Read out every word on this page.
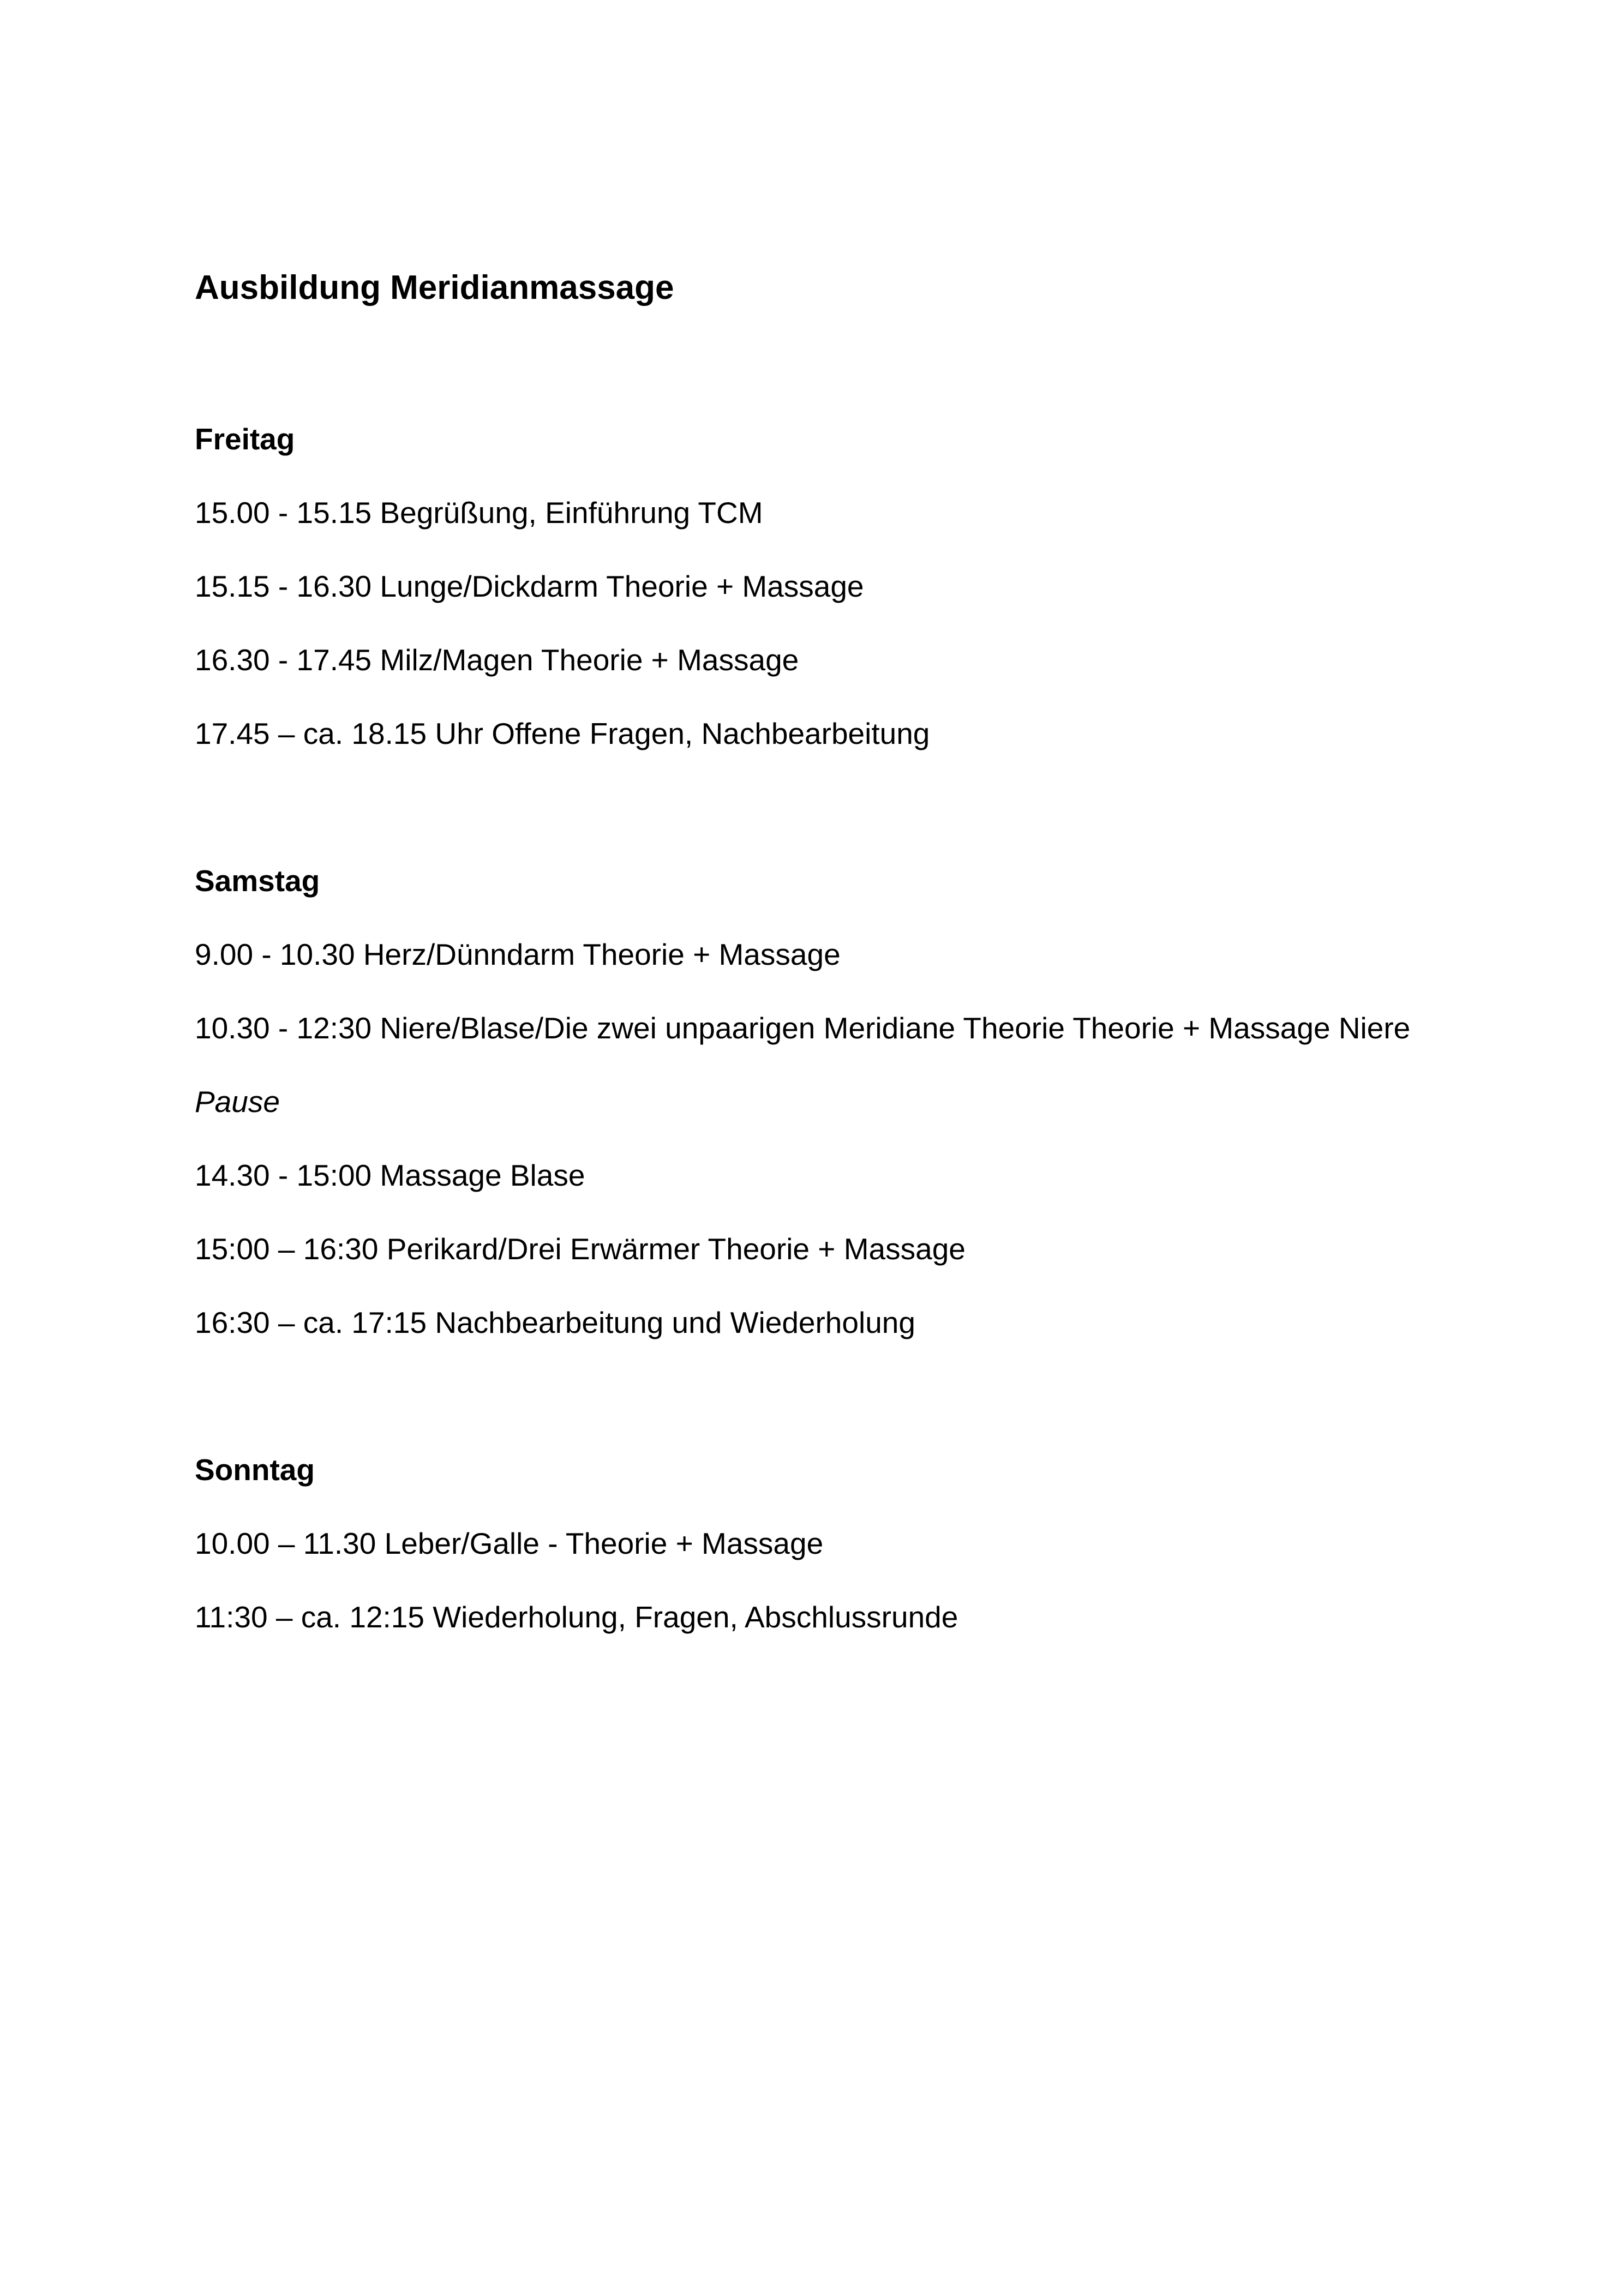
Ausbildung Meridianmassage

Freitag

15.00 - 15.15 Begrüßung, Einführung TCM

15.15 - 16.30 Lunge/Dickdarm Theorie + Massage

16.30 - 17.45 Milz/Magen Theorie + Massage

17.45 – ca. 18.15 Uhr Offene Fragen, Nachbearbeitung

Samstag

9.00 - 10.30 Herz/Dünndarm Theorie + Massage

10.30 - 12:30 Niere/Blase/Die zwei unpaarigen Meridiane Theorie Theorie + Massage Niere

Pause

14.30 - 15:00 Massage Blase

15:00 – 16:30 Perikard/Drei Erwärmer Theorie + Massage

16:30 – ca. 17:15 Nachbearbeitung und Wiederholung

Sonntag

10.00 – 11.30 Leber/Galle - Theorie + Massage

11:30 – ca. 12:15 Wiederholung, Fragen, Abschlussrunde
